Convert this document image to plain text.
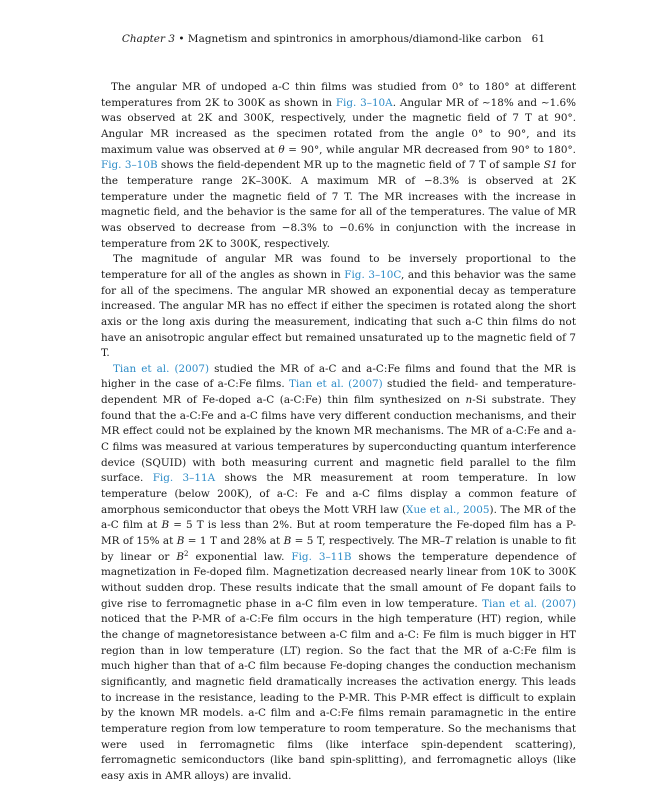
Chapter 3 • Magnetism and spintronics in amorphous/diamond-like carbon 61

The angular MR of undoped a-C thin films was studied from 0° to 180° at different temperatures from 2K to 300K as shown in Fig. 3–10A. Angular MR of ∼18% and ∼1.6% was observed at 2K and 300K, respectively, under the magnetic field of 7 T at 90°. Angular MR increased as the specimen rotated from the angle 0° to 90°, and its maximum value was observed at θ = 90°, while angular MR decreased from 90° to 180°. Fig. 3–10B shows the field-dependent MR up to the magnetic field of 7 T of sample S1 for the temperature range 2K–300K. A maximum MR of −8.3% is observed at 2K temperature under the magnetic field of 7 T. The MR increases with the increase in magnetic field, and the behavior is the same for all of the temperatures. The value of MR was observed to decrease from −8.3% to −0.6% in conjunction with the increase in temperature from 2K to 300K, respectively.

The magnitude of angular MR was found to be inversely proportional to the temperature for all of the angles as shown in Fig. 3–10C, and this behavior was the same for all of the specimens. The angular MR showed an exponential decay as temperature increased. The angular MR has no effect if either the specimen is rotated along the short axis or the long axis during the measurement, indicating that such a-C thin films do not have an anisotropic angular effect but remained unsaturated up to the magnetic field of 7 T.

Tian et al. (2007) studied the MR of a-C and a-C:Fe films and found that the MR is higher in the case of a-C:Fe films. Tian et al. (2007) studied the field- and temperature-dependent MR of Fe-doped a-C (a-C:Fe) thin film synthesized on n-Si substrate. They found that the a-C:Fe and a-C films have very different conduction mechanisms, and their MR effect could not be explained by the known MR mechanisms. The MR of a-C:Fe and a-C films was measured at various temperatures by superconducting quantum interference device (SQUID) with both measuring current and magnetic field parallel to the film surface. Fig. 3–11A shows the MR measurement at room temperature. In low temperature (below 200K), of a-C: Fe and a-C films display a common feature of amorphous semiconductor that obeys the Mott VRH law (Xue et al., 2005). The MR of the a-C film at B = 5 T is less than 2%. But at room temperature the Fe-doped film has a P-MR of 15% at B = 1 T and 28% at B = 5 T, respectively. The MR–T relation is unable to fit by linear or $B^2$ exponential law. Fig. 3–11B shows the temperature dependence of magnetization in Fe-doped film. Magnetization decreased nearly linear from 10K to 300K without sudden drop. These results indicate that the small amount of Fe dopant fails to give rise to ferromagnetic phase in a-C film even in low temperature. Tian et al. (2007) noticed that the P-MR of a-C:Fe film occurs in the high temperature (HT) region, while the change of magnetoresistance between a-C film and a-C: Fe film is much bigger in HT region than in low temperature (LT) region. So the fact that the MR of a-C:Fe film is much higher than that of a-C film because Fe-doping changes the conduction mechanism significantly, and magnetic field dramatically increases the activation energy. This leads to increase in the resistance, leading to the P-MR. This P-MR effect is difficult to explain by the known MR models. a-C film and a-C:Fe films remain paramagnetic in the entire temperature region from low temperature to room temperature. So the mechanisms that were used in ferromagnetic films (like interface spin-dependent scattering), ferromagnetic semiconductors (like band spin-splitting), and ferromagnetic alloys (like easy axis in AMR alloys) are invalid.
